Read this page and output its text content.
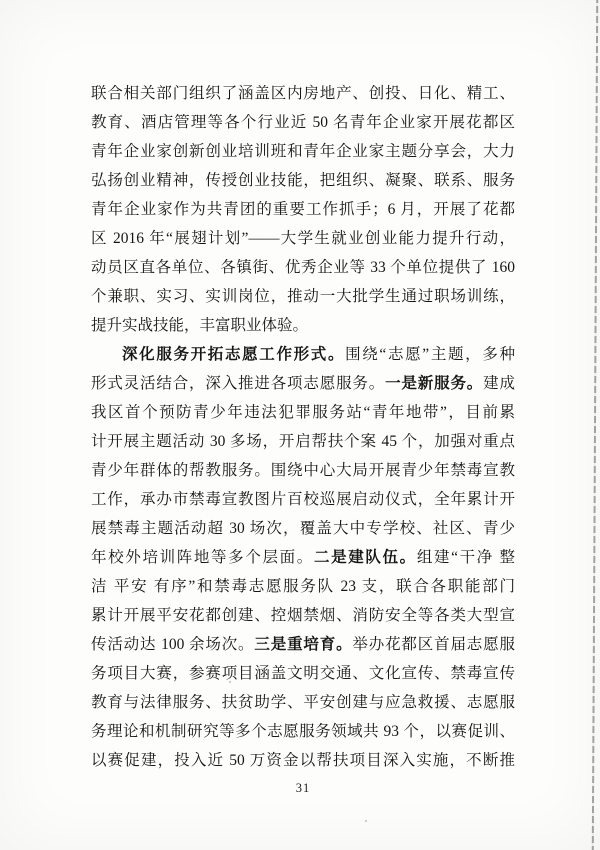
联合相关部门组织了涵盖区内房地产、创投、日化、精工、
教育、酒店管理等各个行业近 50 名青年企业家开展花都区
青年企业家创新创业培训班和青年企业家主题分享会，大力
弘扬创业精神，传授创业技能，把组织、凝聚、联系、服务
青年企业家作为共青团的重要工作抓手；6 月，开展了花都
区 2016 年“展翅计划”——大学生就业创业能力提升行动，
动员区直各单位、各镇街、优秀企业等 33 个单位提供了 160
个兼职、实习、实训岗位，推动一大批学生通过职场训练，
提升实战技能，丰富职业体验。
深化服务开拓志愿工作形式。围绕“志愿”主题，多种
形式灵活结合，深入推进各项志愿服务。一是新服务。建成
我区首个预防青少年违法犯罪服务站“青年地带”，目前累
计开展主题活动 30 多场，开启帮扶个案 45 个，加强对重点
青少年群体的帮教服务。围绕中心大局开展青少年禁毒宣教
工作，承办市禁毒宣教图片百校巡展启动仪式，全年累计开
展禁毒主题活动超 30 场次，覆盖大中专学校、社区、青少
年校外培训阵地等多个层面。二是建队伍。组建“干净 整
洁 平安 有序”和禁毒志愿服务队 23 支，联合各职能部门
累计开展平安花都创建、控烟禁烟、消防安全等各类大型宣
传活动达 100 余场次。三是重培育。举办花都区首届志愿服
务项目大赛，参赛项目涵盖文明交通、文化宣传、禁毒宣传
教育与法律服务、扶贫助学、平安创建与应急救援、志愿服
务理论和机制研究等多个志愿服务领域共 93 个，以赛促训、
以赛促建，投入近 50 万资金以帮扶项目深入实施，不断推
31
